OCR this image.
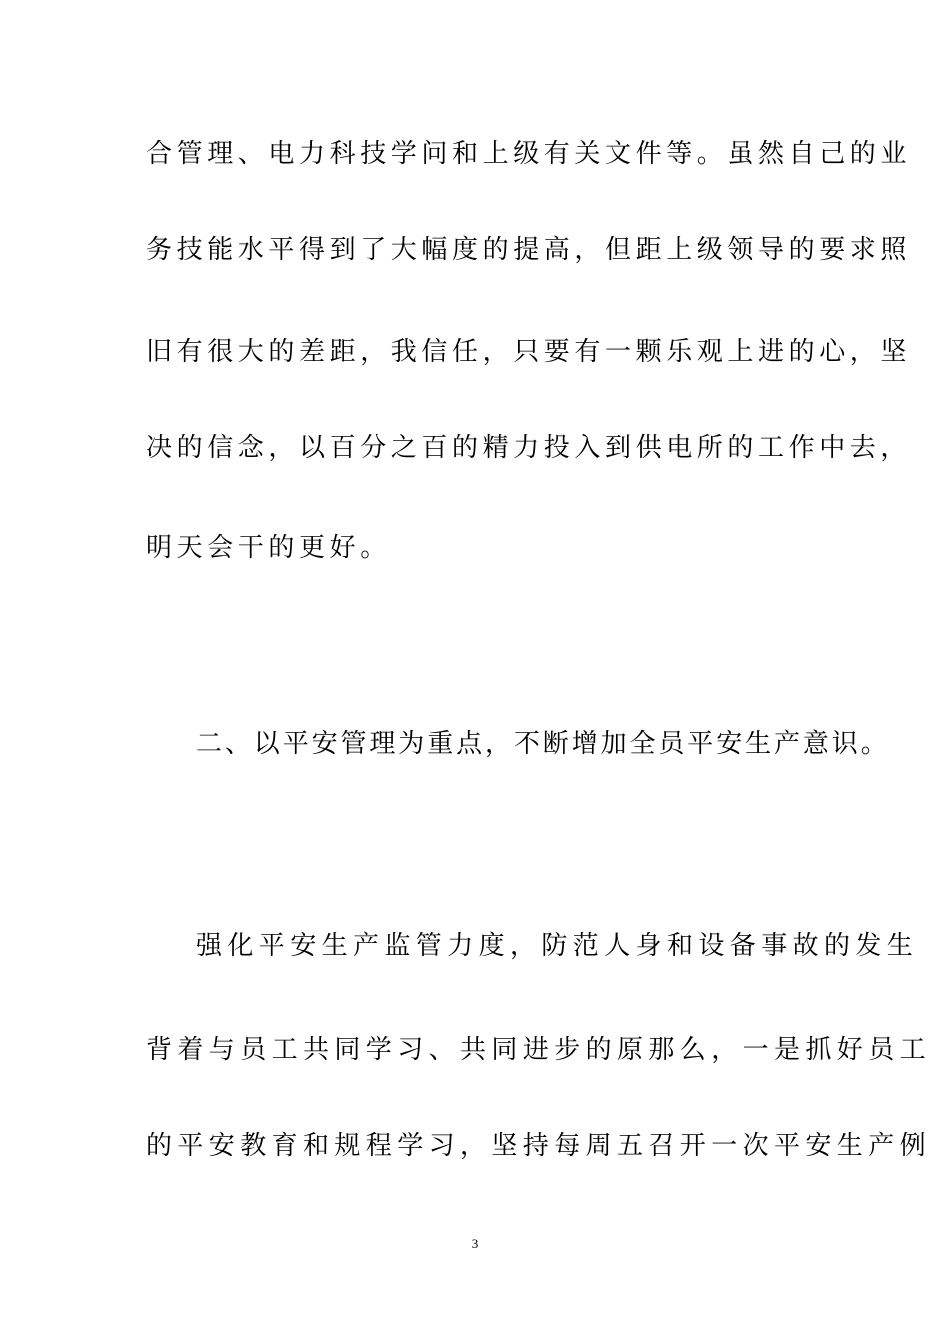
合管理、电力科技学问和上级有关文件等。虽然自己的业
务技能水平得到了大幅度的提高，但距上级领导的要求照
旧有很大的差距，我信任，只要有一颗乐观上进的心，坚
决的信念，以百分之百的精力投入到供电所的工作中去，
明天会干的更好。
二、以平安管理为重点，不断增加全员平安生产意识。
强化平安生产监管力度，防范人身和设备事故的发生
背着与员工共同学习、共同进步的原那么，一是抓好员工
的平安教育和规程学习，坚持每周五召开一次平安生产例
3
